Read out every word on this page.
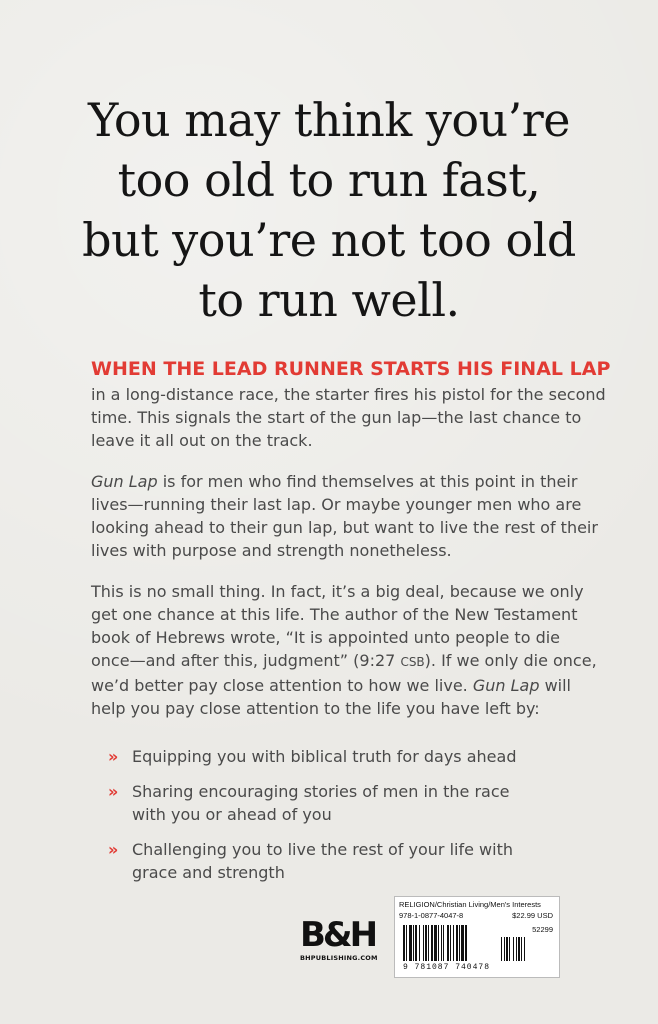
You may think you’re
too old to run fast,
but you’re not too old
to run well.
WHEN THE LEAD RUNNER STARTS HIS FINAL LAP
in a long-distance race, the starter fires his pistol for the second
time. This signals the start of the gun lap—the last chance to
leave it all out on the track.
Gun Lap is for men who find themselves at this point in their
lives—running their last lap. Or maybe younger men who are
looking ahead to their gun lap, but want to live the rest of their
lives with purpose and strength nonetheless.
This is no small thing. In fact, it’s a big deal, because we only
get one chance at this life. The author of the New Testament
book of Hebrews wrote, “It is appointed unto people to die
once—and after this, judgment” (9:27 CSB). If we only die once,
we’d better pay close attention to how we live. Gun Lap will
help you pay close attention to the life you have left by:
» Equipping you with biblical truth for days ahead
» Sharing encouraging stories of men in the race
with you or ahead of you
» Challenging you to live the rest of your life with
grace and strength
B&H
BHPUBLISHING.COM
RELIGION/Christian Living/Men's Interests
978-1-0877-4047-8	$22.99 USD
52299
9 781087 740478
